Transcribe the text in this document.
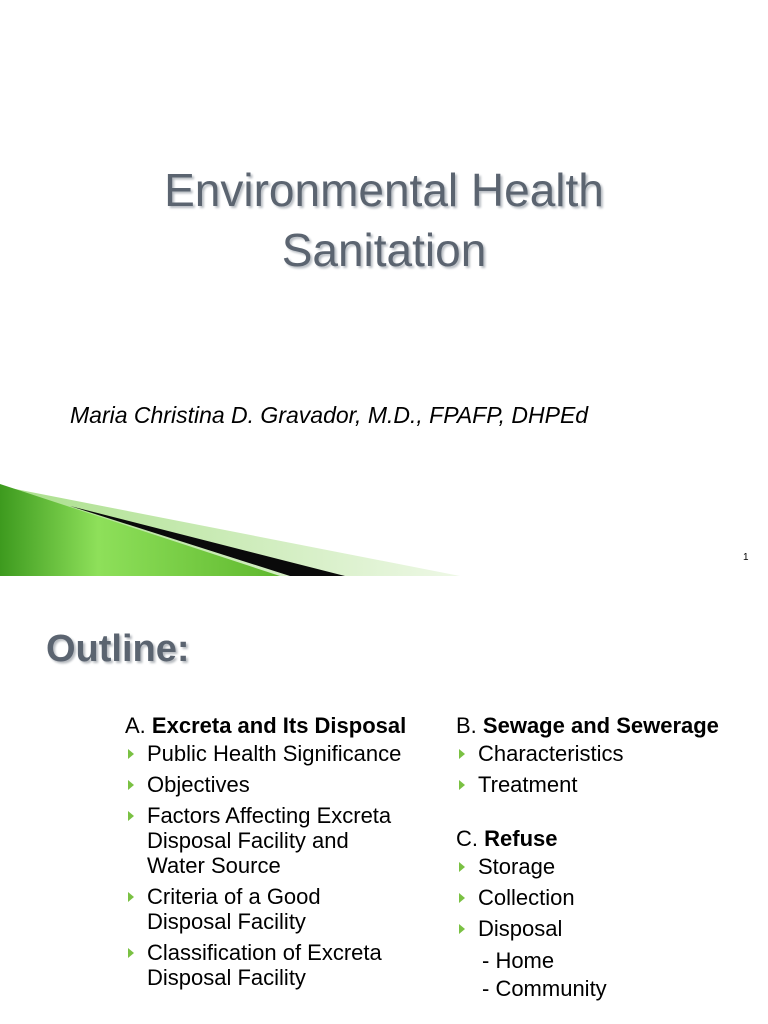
Environmental Health
Sanitation
Maria Christina D. Gravador, M.D., FPAFP, DHPEd
1
Outline:
A. Excreta and Its Disposal
Public Health Significance
Objectives
Factors Affecting Excreta
Disposal Facility and
Water Source
Criteria of a Good
Disposal Facility
Classification of Excreta
Disposal Facility
B. Sewage and Sewerage
Characteristics
Treatment
C. Refuse
Storage
Collection
Disposal
- Home
- Community
